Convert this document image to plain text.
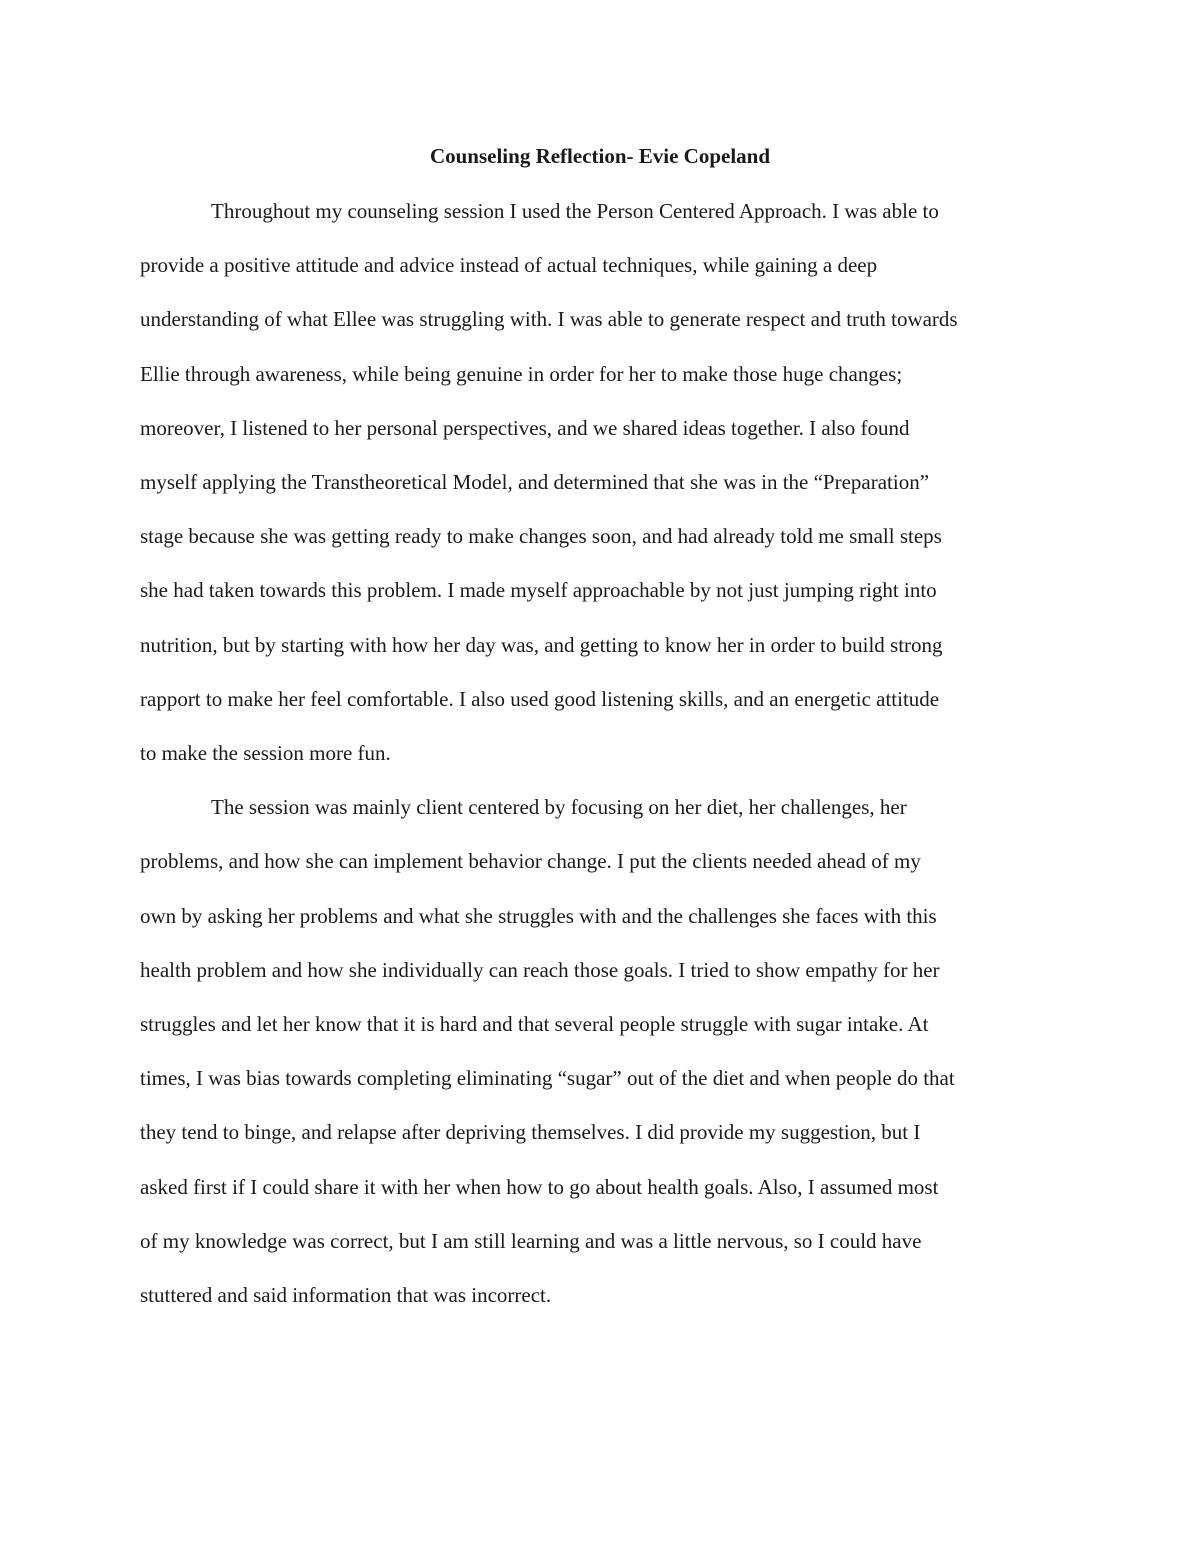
Counseling Reflection- Evie Copeland

Throughout my counseling session I used the Person Centered Approach. I was able to
provide a positive attitude and advice instead of actual techniques, while gaining a deep
understanding of what Ellee was struggling with. I was able to generate respect and truth towards
Ellie through awareness, while being genuine in order for her to make those huge changes;
moreover, I listened to her personal perspectives, and we shared ideas together. I also found
myself applying the Transtheoretical Model, and determined that she was in the “Preparation”
stage because she was getting ready to make changes soon, and had already told me small steps
she had taken towards this problem. I made myself approachable by not just jumping right into
nutrition, but by starting with how her day was, and getting to know her in order to build strong
rapport to make her feel comfortable. I also used good listening skills, and an energetic attitude
to make the session more fun.

The session was mainly client centered by focusing on her diet, her challenges, her
problems, and how she can implement behavior change. I put the clients needed ahead of my
own by asking her problems and what she struggles with and the challenges she faces with this
health problem and how she individually can reach those goals. I tried to show empathy for her
struggles and let her know that it is hard and that several people struggle with sugar intake. At
times, I was bias towards completing eliminating “sugar” out of the diet and when people do that
they tend to binge, and relapse after depriving themselves. I did provide my suggestion, but I
asked first if I could share it with her when how to go about health goals. Also, I assumed most
of my knowledge was correct, but I am still learning and was a little nervous, so I could have
stuttered and said information that was incorrect.
